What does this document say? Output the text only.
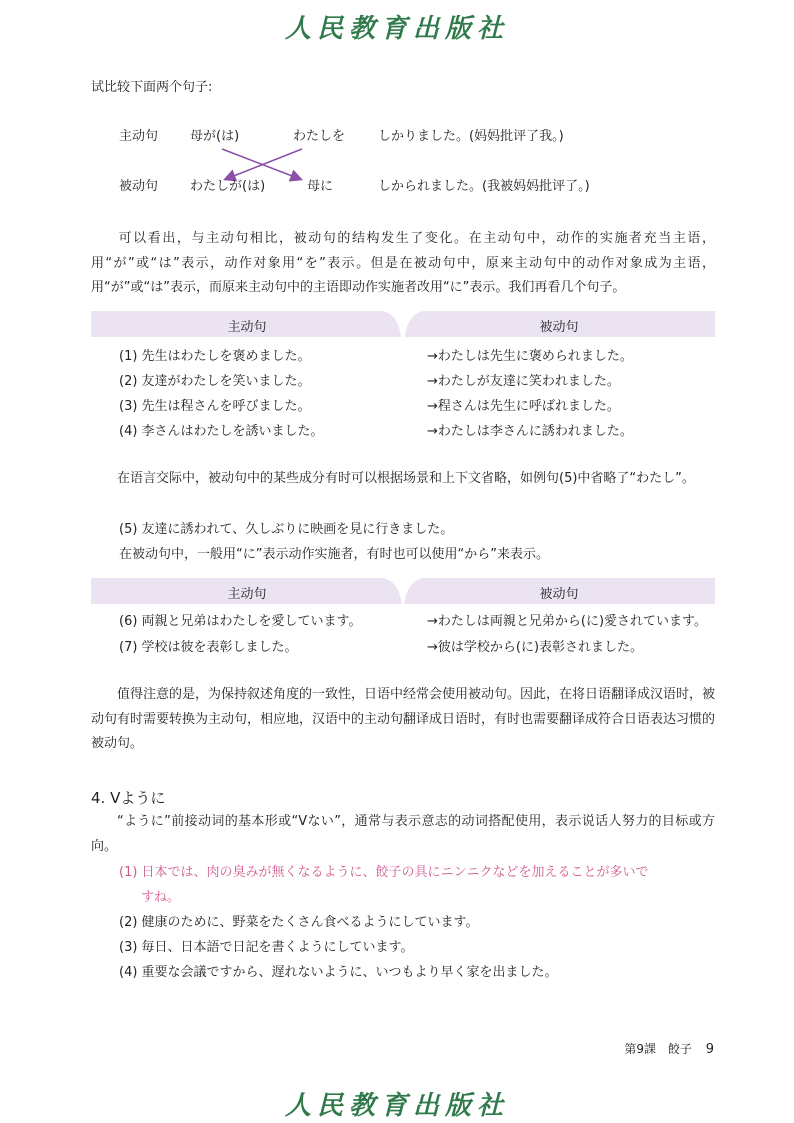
人民教育出版社
试比较下面两个句子:
主动句 母が(は)	わたしを	しかりました。(妈妈批评了我。)
被动句 わたしが(は)	母に	しかられました。(我被妈妈批评了。)
可以看出，与主动句相比，被动句的结构发生了变化。在主动句中，动作的实施者充当主语，用“が”或“は”表示，动作对象用“を”表示。但是在被动句中，原来主动句中的动作对象成为主语，用“が”或“は”表示，而原来主动句中的主语即动作实施者改用“に”表示。我们再看几个句子。
主动句	被动句
(1) 先生はわたしを褒めました。	→わたしは先生に褒められました。
(2) 友達がわたしを笑いました。	→わたしが友達に笑われました。
(3) 先生は程さんを呼びました。	→程さんは先生に呼ばれました。
(4) 李さんはわたしを誘いました。	→わたしは李さんに誘われました。
在语言交际中，被动句中的某些成分有时可以根据场景和上下文省略，如例句(5)中省略了“わたし”。
(5) 友達に誘われて、久しぶりに映画を見に行きました。
在被动句中，一般用“に”表示动作实施者，有时也可以使用“から”来表示。
主动句	被动句
(6) 両親と兄弟はわたしを愛しています。	→わたしは両親と兄弟から(に)愛されています。
(7) 学校は彼を表彰しました。	→彼は学校から(に)表彰されました。
值得注意的是，为保持叙述角度的一致性，日语中经常会使用被动句。因此，在将日语翻译成汉语时，被动句有时需要转换为主动句，相应地，汉语中的主动句翻译成日语时，有时也需要翻译成符合日语表达习惯的被动句。
4. Vように
“ように”前接动词的基本形或“Vない”，通常与表示意志的动词搭配使用，表示说话人努力的目标或方向。
(1) 日本では、肉の臭みが無くなるように、餃子の具にニンニクなどを加えることが多いで
すね。
(2) 健康のために、野菜をたくさん食べるようにしています。
(3) 毎日、日本語で日記を書くようにしています。
(4) 重要な会議ですから、遅れないように、いつもより早く家を出ました。
第9課 餃子 9
人民教育出版社
